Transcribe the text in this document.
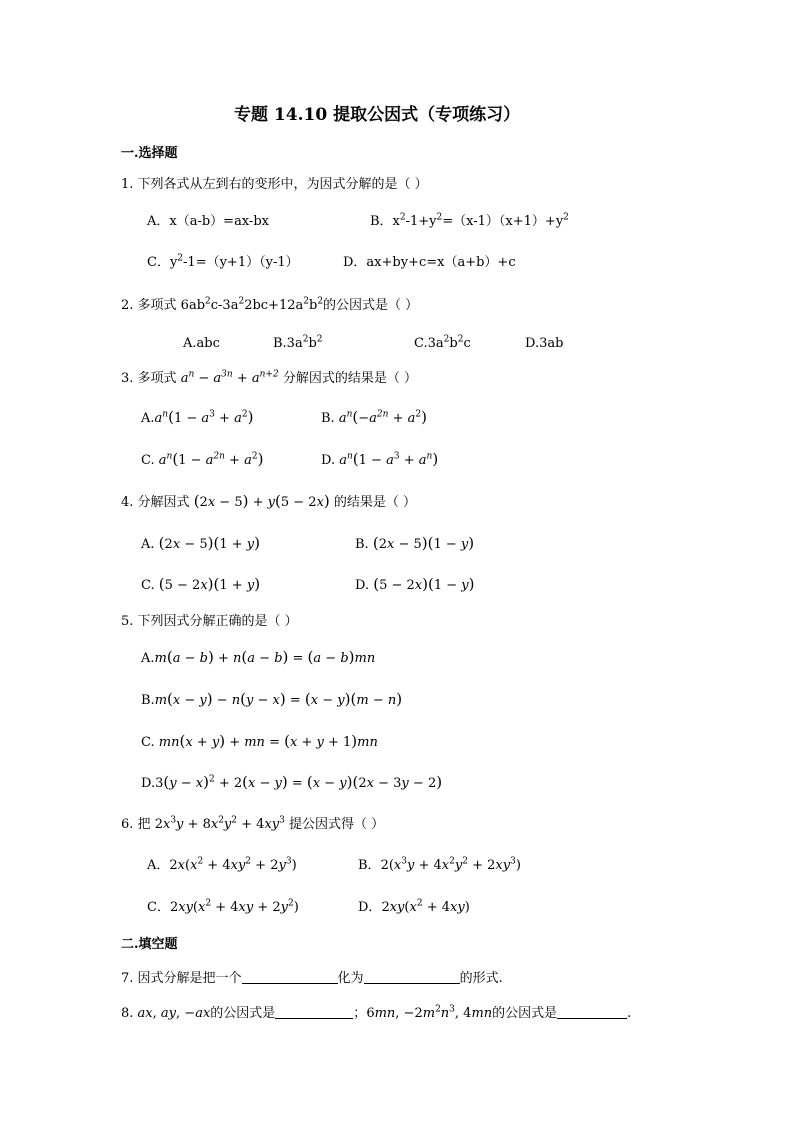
专题 14.10 提取公因式（专项练习）
一.选择题
1. 下列各式从左到右的变形中，为因式分解的是（ ）
A．x（a-b）=ax-bx	B．$x^2-1+y^2=(x-1)(x+1)+y^2$
C．$y^2-1=(y+1)(y-1)$	D．ax+by+c=x（a+b）+c
2. 多项式 $6ab^2c-3a^22bc+12a^2b^2$的公因式是（ ）
A.abc	$B.3a^2b^2$	$C.3a^2b^2c$	D.3ab
3. 多项式 $a^n - a^{3n} + a^{n+2}$ 分解因式的结果是（ ）
$A.a^n(1 - a^3 + a^2)$	B. $a^n(-a^{2n} + a^2)$
C. $a^n(1 - a^{2n} + a^2)$	D. $a^n(1 - a^3 + a^n)$
4. 分解因式 (2x − 5) + y(5 − 2x) 的结果是（ ）
A. (2x − 5)(1 + y)	B. (2x − 5)(1 − y)
C. (5 − 2x)(1 + y)	D. (5 − 2x)(1 − y)
5. 下列因式分解正确的是（ ）
A.m(a − b) + n(a − b) = (a − b)mn
B.m(x − y) − n(y − x) = (x − y)(m − n)
C. mn(x + y) + mn = (x + y + 1)mn
$D.3(y - x)^2 + 2(x - y) = (x - y)(2x - 3y - 2)$
6. 把 $2x^3y + 8x^2y^2 + 4xy^3$ 提公因式得（ ）
A．$2x(x^2 + 4xy^2 + 2y^3)$	B．$2(x^3y + 4x^2y^2 + 2xy^3)$
C．$2xy(x^2 + 4xy + 2y^2)$	D．$2xy(x^2 + 4xy)$
二.填空题
7. 因式分解是把一个	化为	的形式.
8. ax, ay, −ax的公因式是	；6mn, $-2m^2n^3$, 4mn的公因式是	.
